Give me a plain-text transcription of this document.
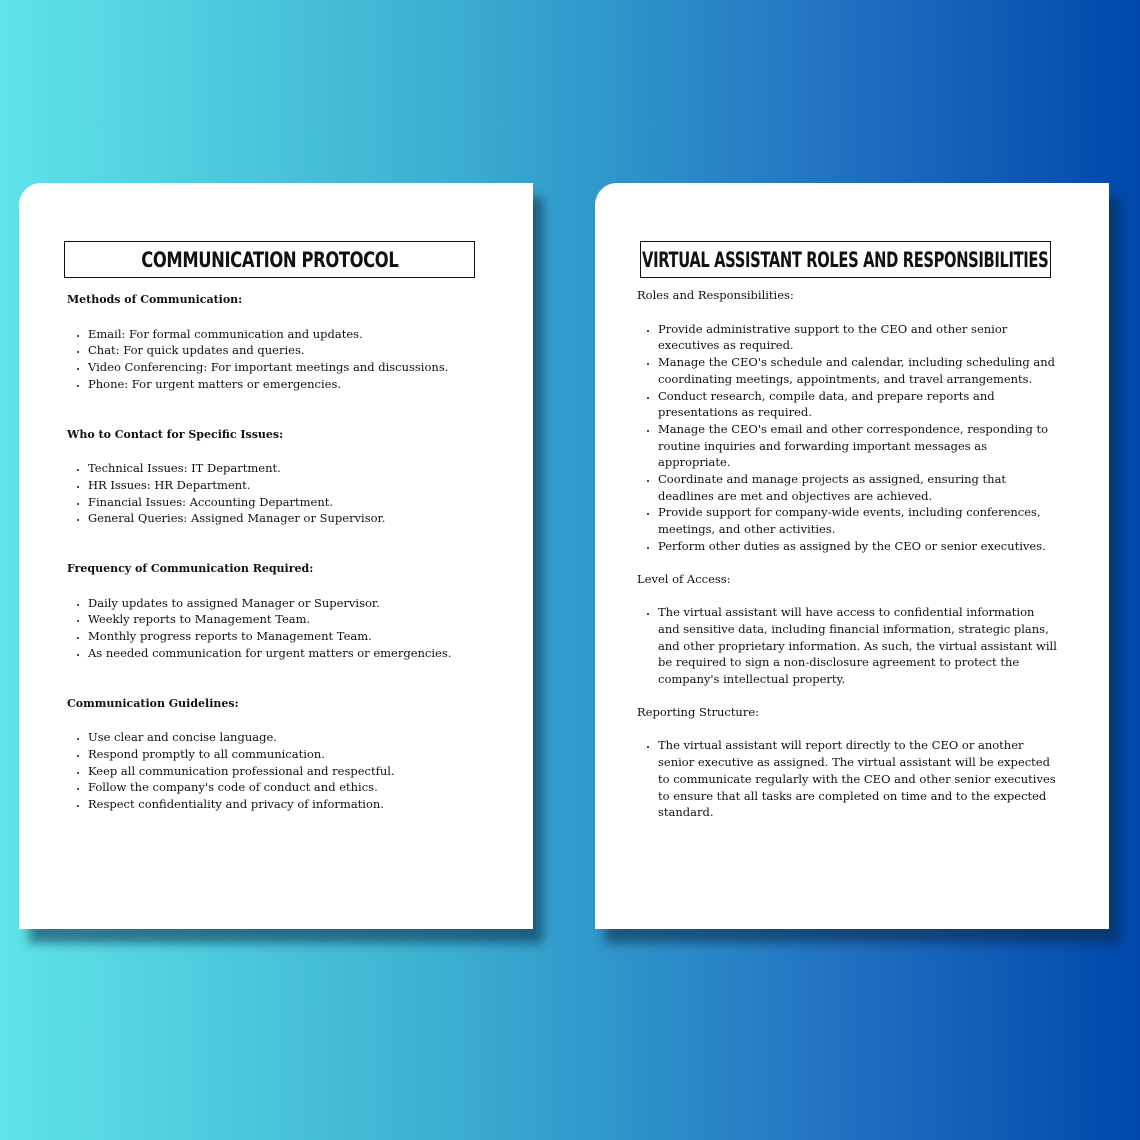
COMMUNICATION PROTOCOL

Methods of Communication:

• Email: For formal communication and updates.
• Chat: For quick updates and queries.
• Video Conferencing: For important meetings and discussions.
• Phone: For urgent matters or emergencies.

Who to Contact for Specific Issues:

• Technical Issues: IT Department.
• HR Issues: HR Department.
• Financial Issues: Accounting Department.
• General Queries: Assigned Manager or Supervisor.

Frequency of Communication Required:

• Daily updates to assigned Manager or Supervisor.
• Weekly reports to Management Team.
• Monthly progress reports to Management Team.
• As needed communication for urgent matters or emergencies.

Communication Guidelines:

• Use clear and concise language.
• Respond promptly to all communication.
• Keep all communication professional and respectful.
• Follow the company's code of conduct and ethics.
• Respect confidentiality and privacy of information.
VIRTUAL ASSISTANT ROLES AND RESPONSIBILITIES

Roles and Responsibilities:

• Provide administrative support to the CEO and other senior executives as required.
• Manage the CEO's schedule and calendar, including scheduling and coordinating meetings, appointments, and travel arrangements.
• Conduct research, compile data, and prepare reports and presentations as required.
• Manage the CEO's email and other correspondence, responding to routine inquiries and forwarding important messages as appropriate.
• Coordinate and manage projects as assigned, ensuring that deadlines are met and objectives are achieved.
• Provide support for company-wide events, including conferences, meetings, and other activities.
• Perform other duties as assigned by the CEO or senior executives.

Level of Access:

• The virtual assistant will have access to confidential information and sensitive data, including financial information, strategic plans, and other proprietary information. As such, the virtual assistant will be required to sign a non-disclosure agreement to protect the company's intellectual property.

Reporting Structure:

• The virtual assistant will report directly to the CEO or another senior executive as assigned. The virtual assistant will be expected to communicate regularly with the CEO and other senior executives to ensure that all tasks are completed on time and to the expected standard.
